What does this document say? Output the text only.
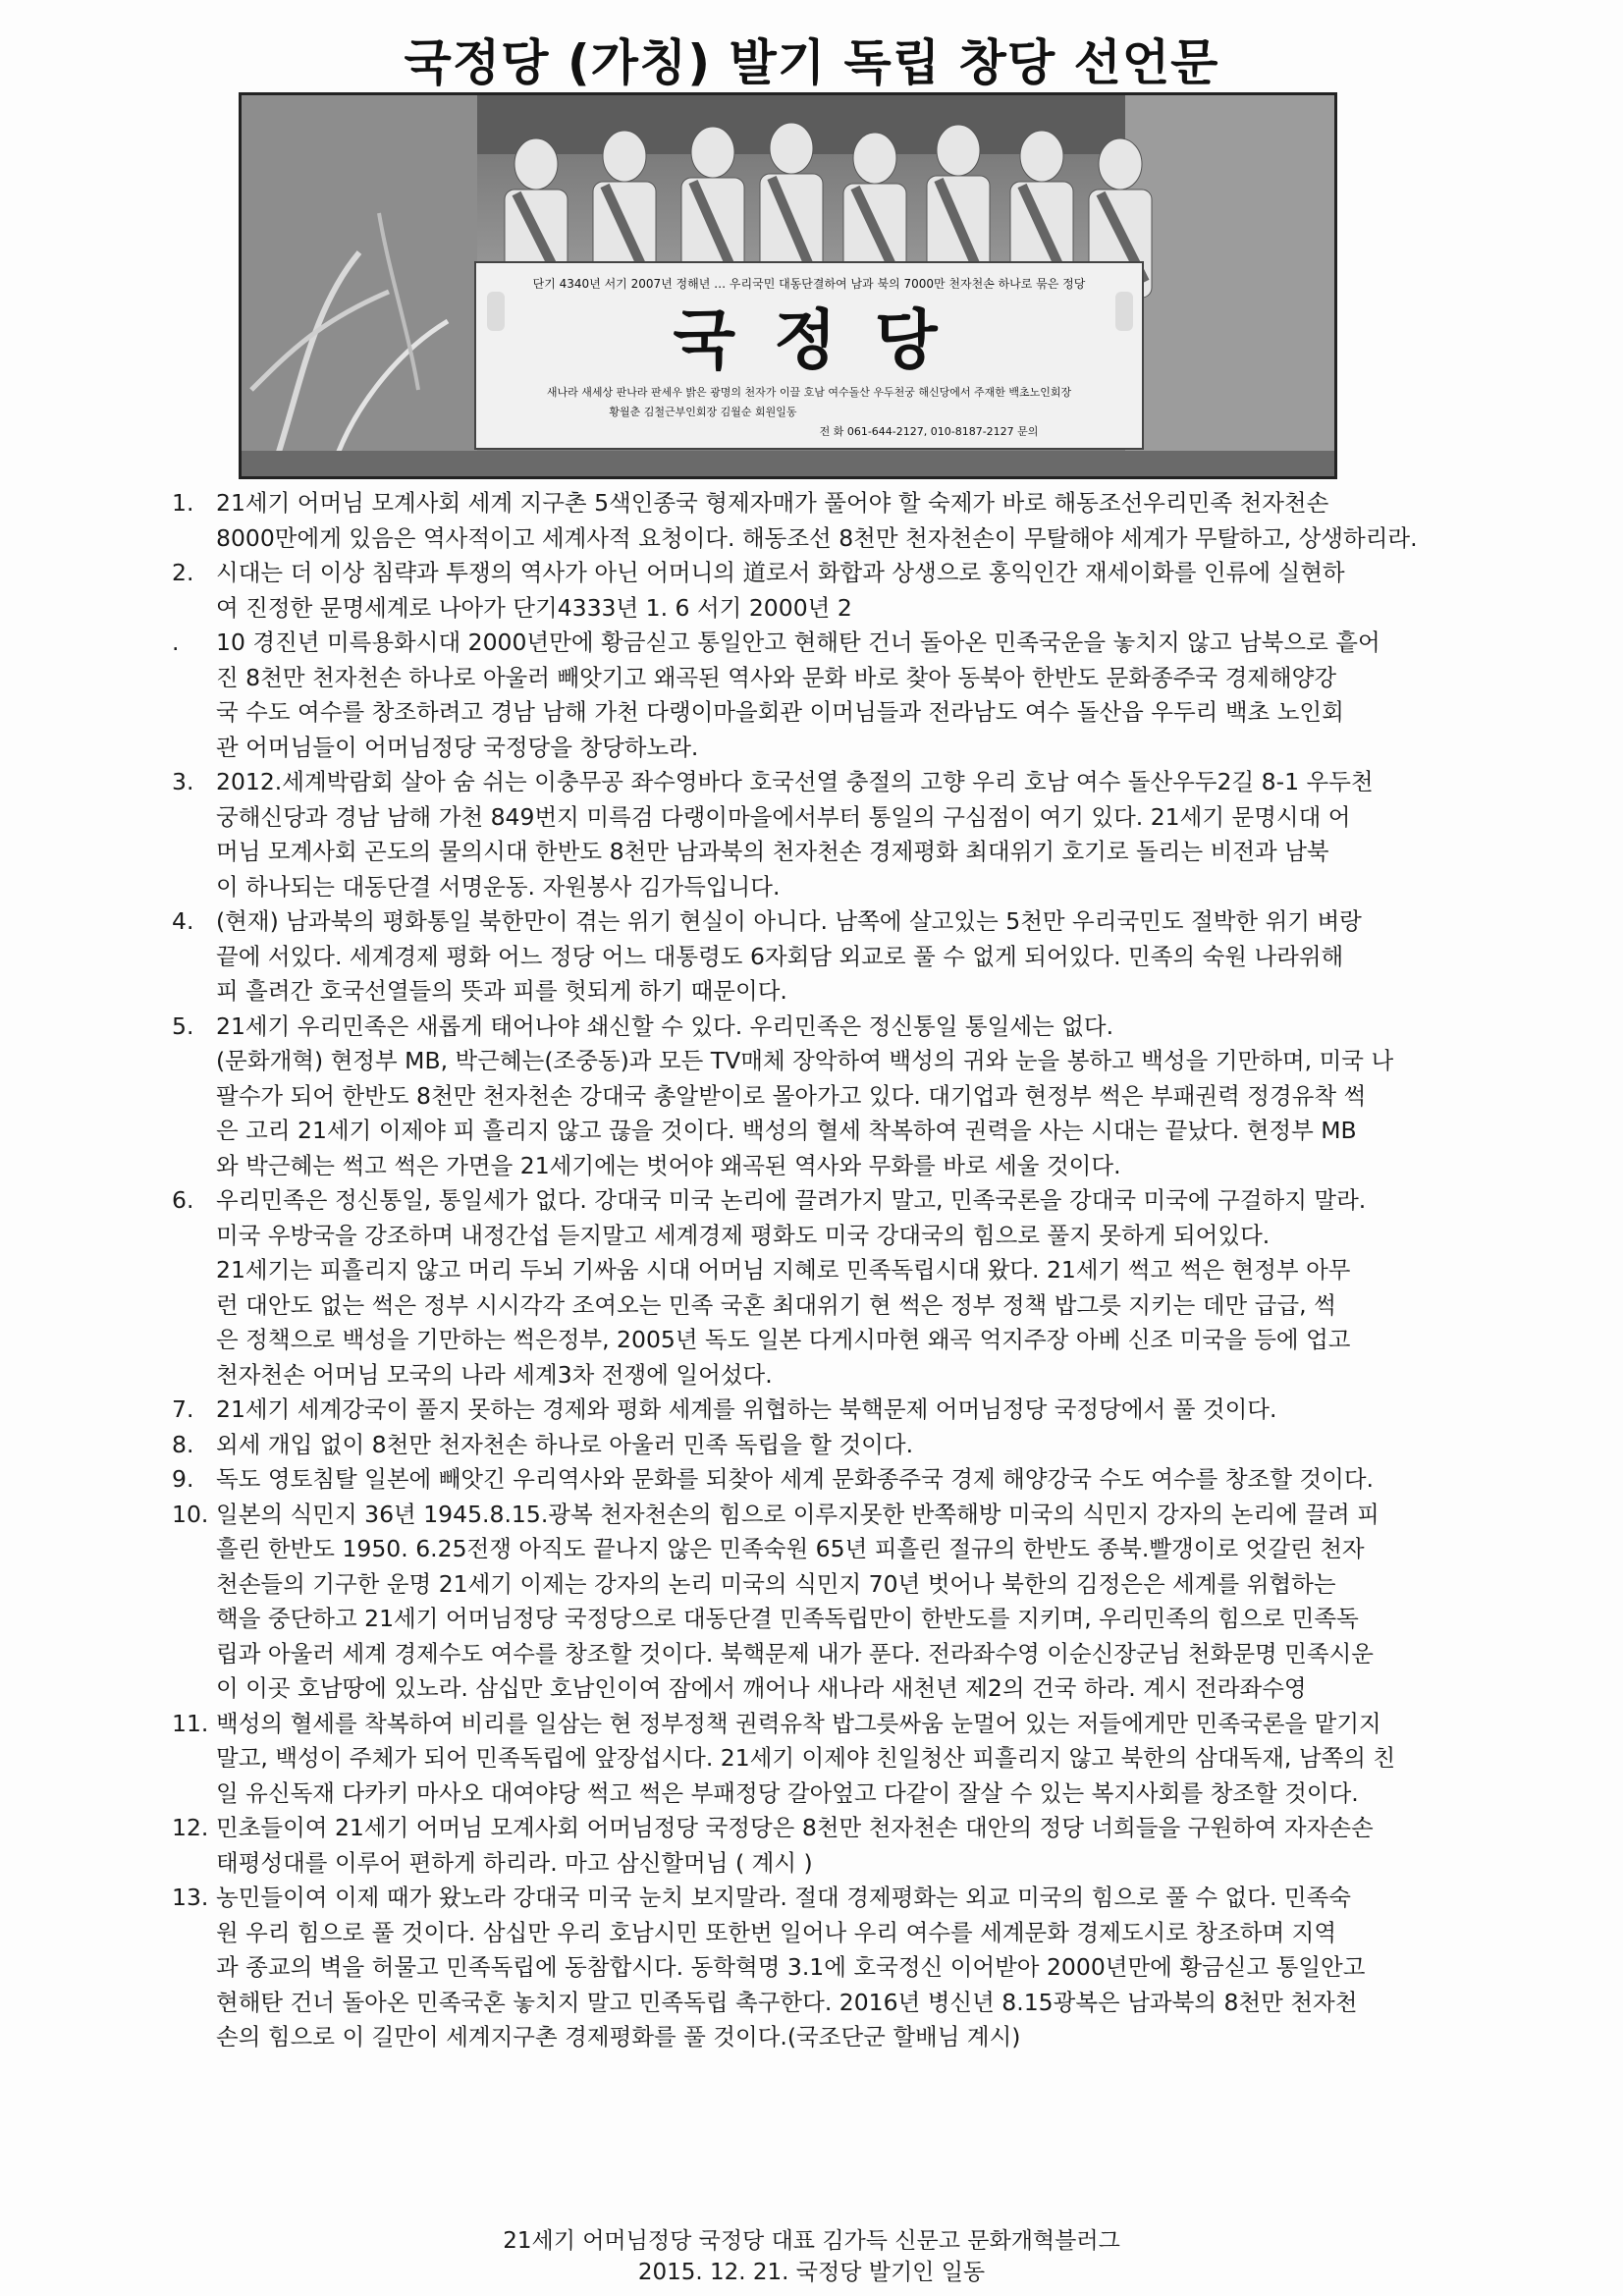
국정당 (가칭) 발기 독립 창당 선언문
단기 4340년 서기 2007년 정해년 … 우리국민 대동단결하여 남과 북의 7000만 천자천손 하나로 묶은 정당
국 정 당
새나라 새세상 판나라 판세우 밝은 광명의 천자가 이끌 호남 여수돌산 우두천궁 해신당에서 주재한 백초노인회장
황월춘 김철근부인회장 김월순 회원일동
전 화 061-644-2127, 010-8187-2127 문의
1. 21세기 어머님 모계사회 세계 지구촌 5색인종국 형제자매가 풀어야 할 숙제가 바로 해동조선우리민족 천자천손
8000만에게 있음은 역사적이고 세계사적 요청이다. 해동조선 8천만 천자천손이 무탈해야 세계가 무탈하고, 상생하리라.
2. 시대는 더 이상 침략과 투쟁의 역사가 아닌 어머니의 道로서 화합과 상생으로 홍익인간 재세이화를 인류에 실현하
여 진정한 문명세계로 나아가 단기4333년 1. 6 서기 2000년 2
.	10 경진년 미륵용화시대 2000년만에 황금싣고 통일안고 현해탄 건너 돌아온 민족국운을 놓치지 않고 남북으로 흩어
진 8천만 천자천손 하나로 아울러 빼앗기고 왜곡된 역사와 문화 바로 찾아 동북아 한반도 문화종주국 경제해양강
국 수도 여수를 창조하려고 경남 남해 가천 다랭이마을회관 이머님들과 전라남도 여수 돌산읍 우두리 백초 노인회
관 어머님들이 어머님정당 국정당을 창당하노라.
3. 2012.세계박람회 살아 숨 쉬는 이충무공 좌수영바다 호국선열 충절의 고향 우리 호남 여수 돌산우두2길 8-1 우두천
궁해신당과 경남 남해 가천 849번지 미륵검 다랭이마을에서부터 통일의 구심점이 여기 있다. 21세기 문명시대 어
머님 모계사회 곤도의 물의시대 한반도 8천만 남과북의 천자천손 경제평화 최대위기 호기로 돌리는 비전과 남북
이 하나되는 대동단결 서명운동. 자원봉사 김가득입니다.
4. (현재) 남과북의 평화통일 북한만이 겪는 위기 현실이 아니다. 남쪽에 살고있는 5천만 우리국민도 절박한 위기 벼랑
끝에 서있다. 세계경제 평화 어느 정당 어느 대통령도 6자회담 외교로 풀 수 없게 되어있다. 민족의 숙원 나라위해
피 흘려간 호국선열들의 뜻과 피를 헛되게 하기 때문이다.
5. 21세기 우리민족은 새롭게 태어나야 쇄신할 수 있다. 우리민족은 정신통일 통일세는 없다.
(문화개혁) 현정부 MB, 박근혜는(조중동)과 모든 TV매체 장악하여 백성의 귀와 눈을 봉하고 백성을 기만하며, 미국 나
팔수가 되어 한반도 8천만 천자천손 강대국 총알받이로 몰아가고 있다. 대기업과 현정부 썩은 부패권력 정경유착 썩
은 고리 21세기 이제야 피 흘리지 않고 끊을 것이다. 백성의 혈세 착복하여 권력을 사는 시대는 끝났다. 현정부 MB
와 박근혜는 썩고 썩은 가면을 21세기에는 벗어야 왜곡된 역사와 무화를 바로 세울 것이다.
6. 우리민족은 정신통일, 통일세가 없다. 강대국 미국 논리에 끌려가지 말고, 민족국론을 강대국 미국에 구걸하지 말라.
미국 우방국을 강조하며 내정간섭 듣지말고 세계경제 평화도 미국 강대국의 힘으로 풀지 못하게 되어있다.
21세기는 피흘리지 않고 머리 두뇌 기싸움 시대 어머님 지혜로 민족독립시대 왔다. 21세기 썩고 썩은 현정부 아무
런 대안도 없는 썩은 정부 시시각각 조여오는 민족 국혼 최대위기 현 썩은 정부 정책 밥그릇 지키는 데만 급급, 썩
은 정책으로 백성을 기만하는 썩은정부, 2005년 독도 일본 다게시마현 왜곡 억지주장 아베 신조 미국을 등에 업고
천자천손 어머님 모국의 나라 세계3차 전쟁에 일어섰다.
7. 21세기 세계강국이 풀지 못하는 경제와 평화 세계를 위협하는 북핵문제 어머님정당 국정당에서 풀 것이다.
8. 외세 개입 없이 8천만 천자천손 하나로 아울러 민족 독립을 할 것이다.
9. 독도 영토침탈 일본에 빼앗긴 우리역사와 문화를 되찾아 세계 문화종주국 경제 해양강국 수도 여수를 창조할 것이다.
10. 일본의 식민지 36년 1945.8.15.광복 천자천손의 힘으로 이루지못한 반쪽해방 미국의 식민지 강자의 논리에 끌려 피
흘린 한반도 1950. 6.25전쟁 아직도 끝나지 않은 민족숙원 65년 피흘린 절규의 한반도 종북.빨갱이로 엇갈린 천자
천손들의 기구한 운명 21세기 이제는 강자의 논리 미국의 식민지 70년 벗어나 북한의 김정은은 세계를 위협하는
핵을 중단하고 21세기 어머님정당 국정당으로 대동단결 민족독립만이 한반도를 지키며, 우리민족의 힘으로 민족독
립과 아울러 세계 경제수도 여수를 창조할 것이다. 북핵문제 내가 푼다. 전라좌수영 이순신장군님 천화문명 민족시운
이 이곳 호남땅에 있노라. 삼십만 호남인이여 잠에서 깨어나 새나라 새천년 제2의 건국 하라. 계시 전라좌수영
11. 백성의 혈세를 착복하여 비리를 일삼는 현 정부정책 권력유착 밥그릇싸움 눈멀어 있는 저들에게만 민족국론을 맡기지
말고, 백성이 주체가 되어 민족독립에 앞장섭시다. 21세기 이제야 친일청산 피흘리지 않고 북한의 삼대독재, 남쪽의 친
일 유신독재 다카키 마사오 대여야당 썩고 썩은 부패정당 갈아엎고 다같이 잘살 수 있는 복지사회를 창조할 것이다.
12. 민초들이여 21세기 어머님 모계사회 어머님정당 국정당은 8천만 천자천손 대안의 정당 너희들을 구원하여 자자손손
태평성대를 이루어 편하게 하리라. 마고 삼신할머님 ( 계시 )
13. 농민들이여 이제 때가 왔노라 강대국 미국 눈치 보지말라. 절대 경제평화는 외교 미국의 힘으로 풀 수 없다. 민족숙
원 우리 힘으로 풀 것이다. 삼십만 우리 호남시민 또한번 일어나 우리 여수를 세계문화 경제도시로 창조하며 지역
과 종교의 벽을 허물고 민족독립에 동참합시다. 동학혁명 3.1에 호국정신 이어받아 2000년만에 황금싣고 통일안고
현해탄 건너 돌아온 민족국혼 놓치지 말고 민족독립 촉구한다. 2016년 병신년 8.15광복은 남과북의 8천만 천자천
손의 힘으로 이 길만이 세계지구촌 경제평화를 풀 것이다.(국조단군 할배님 계시)
21세기 어머님정당 국정당 대표 김가득 신문고 문화개혁블러그
2015. 12. 21. 국정당 발기인 일동
